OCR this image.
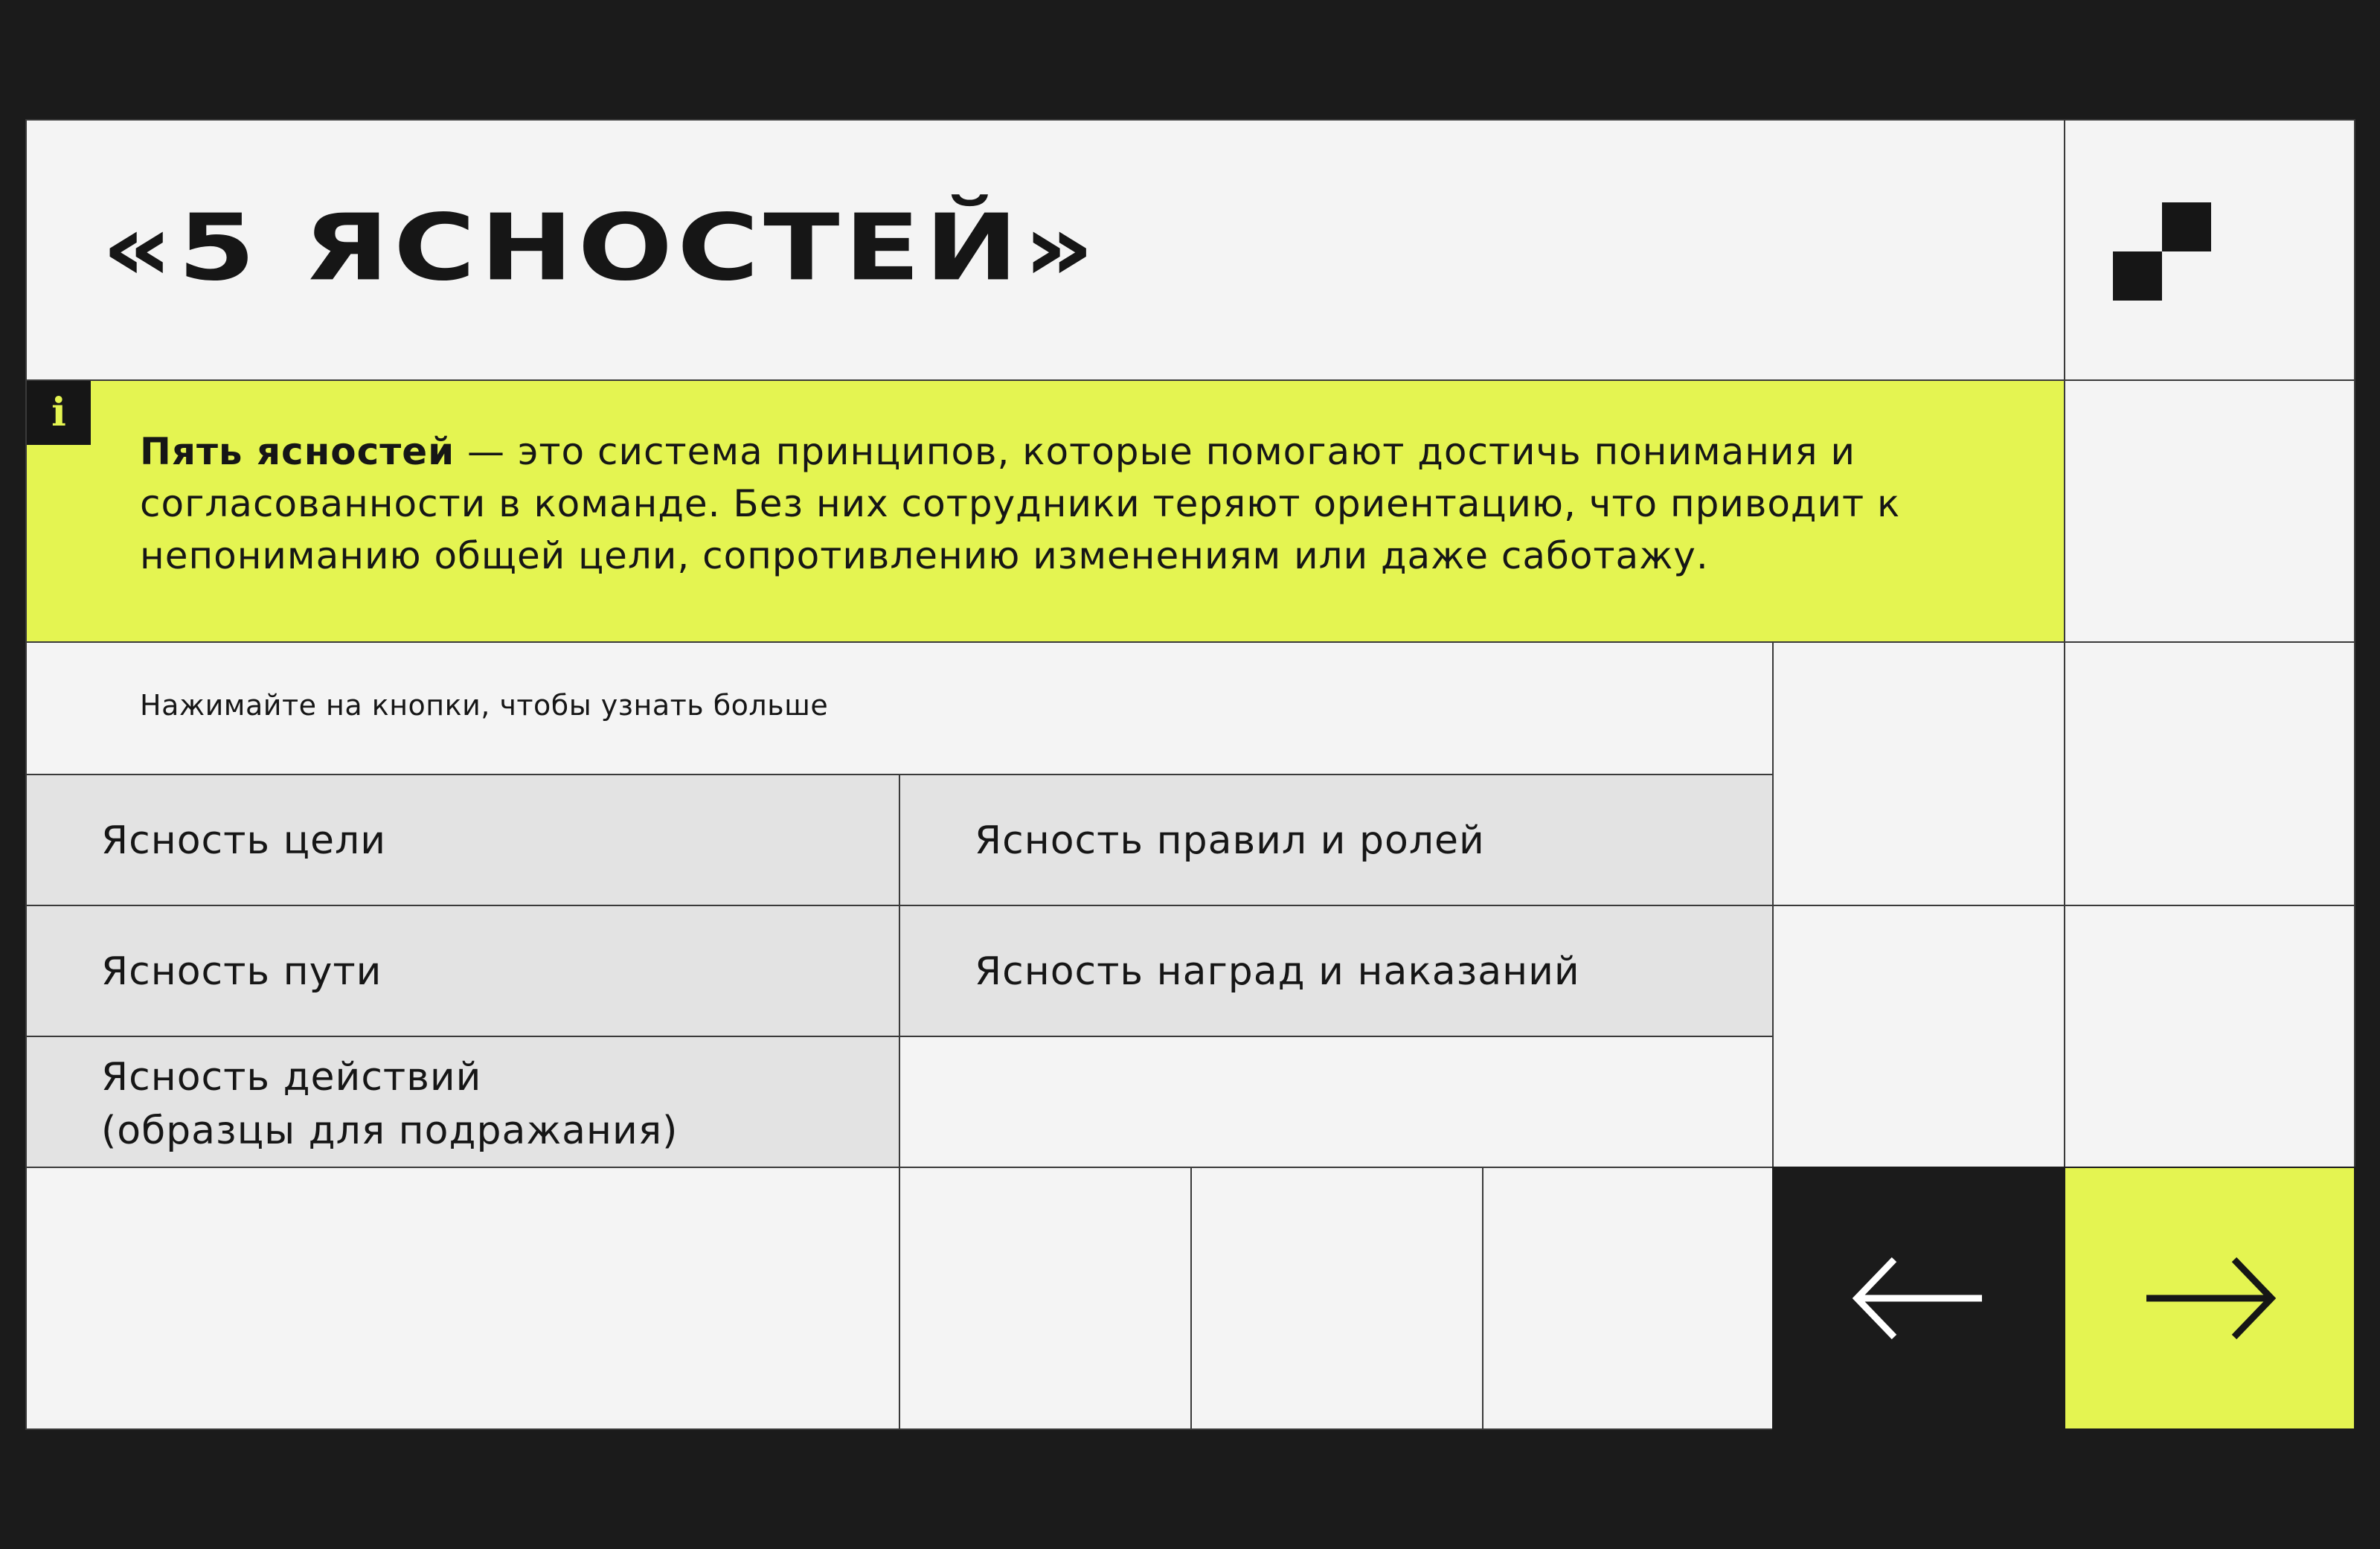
«5 ЯСНОСТЕЙ»
i

Пять ясностей — это система принципов, которые помогают достичь понимания и согласованности в команде. Без них сотрудники теряют ориентацию, что приводит к непониманию общей цели, сопротивлению изменениям или даже саботажу.

Нажимайте на кнопки, чтобы узнать больше
Ясность цели	Ясность правил и ролей
Ясность пути	Ясность наград и наказаний
Ясность действий
(образцы для подражания)
